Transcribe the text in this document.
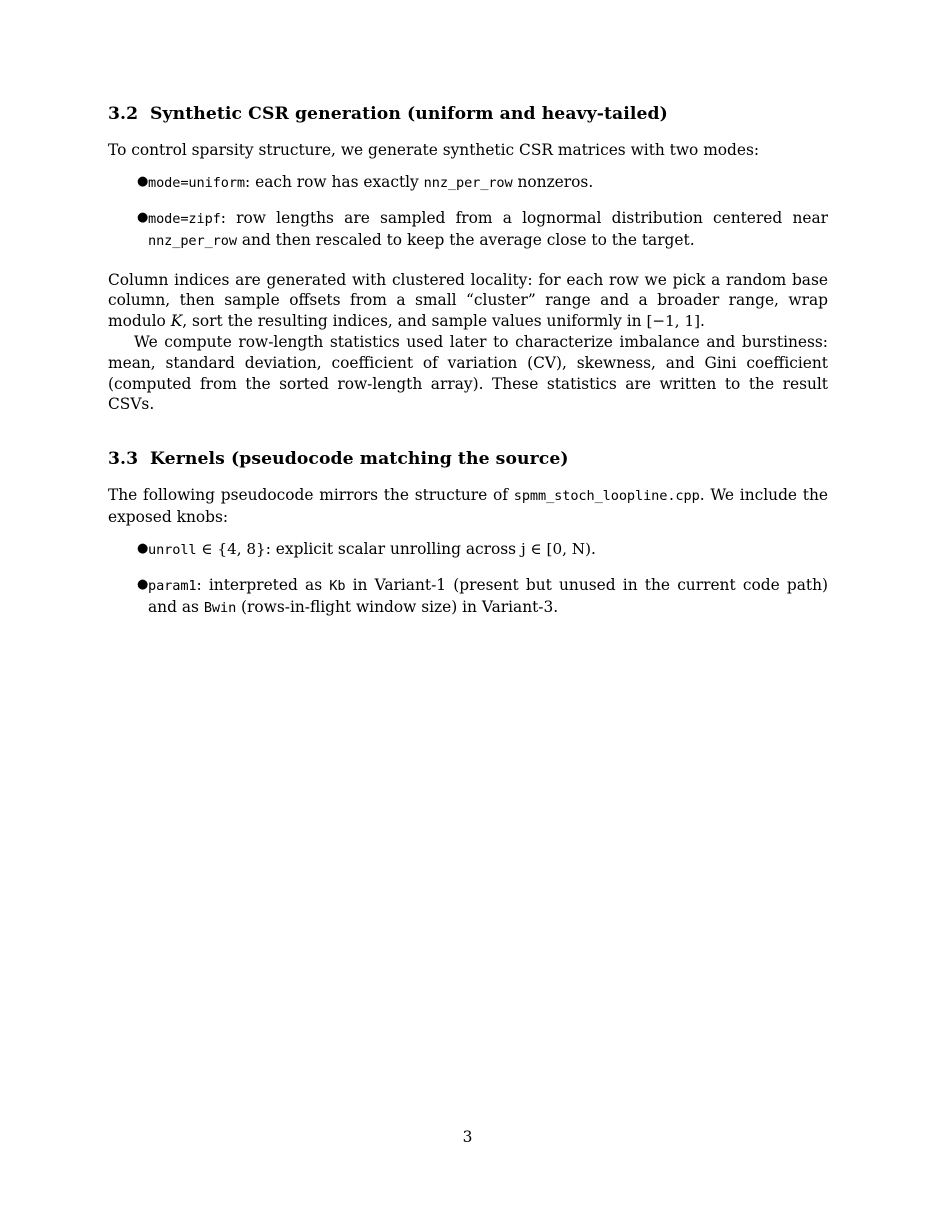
3.2 Synthetic CSR generation (uniform and heavy-tailed)

To control sparsity structure, we generate synthetic CSR matrices with two modes:

● mode=uniform: each row has exactly nnz_per_row nonzeros.
● mode=zipf: row lengths are sampled from a lognormal distribution centered near nnz_per_row and then rescaled to keep the average close to the target.

Column indices are generated with clustered locality: for each row we pick a random base column, then sample offsets from a small “cluster” range and a broader range, wrap modulo K, sort the resulting indices, and sample values uniformly in [−1, 1].

We compute row-length statistics used later to characterize imbalance and burstiness: mean, standard deviation, coefficient of variation (CV), skewness, and Gini coefficient (computed from the sorted row-length array). These statistics are written to the result CSVs.

3.3 Kernels (pseudocode matching the source)

The following pseudocode mirrors the structure of spmm_stoch_loopline.cpp. We include the exposed knobs:

● unroll ∈ {4, 8}: explicit scalar unrolling across j ∈ [0, N).
● param1: interpreted as Kb in Variant-1 (present but unused in the current code path) and as Bwin (rows-in-flight window size) in Variant-3.
3
